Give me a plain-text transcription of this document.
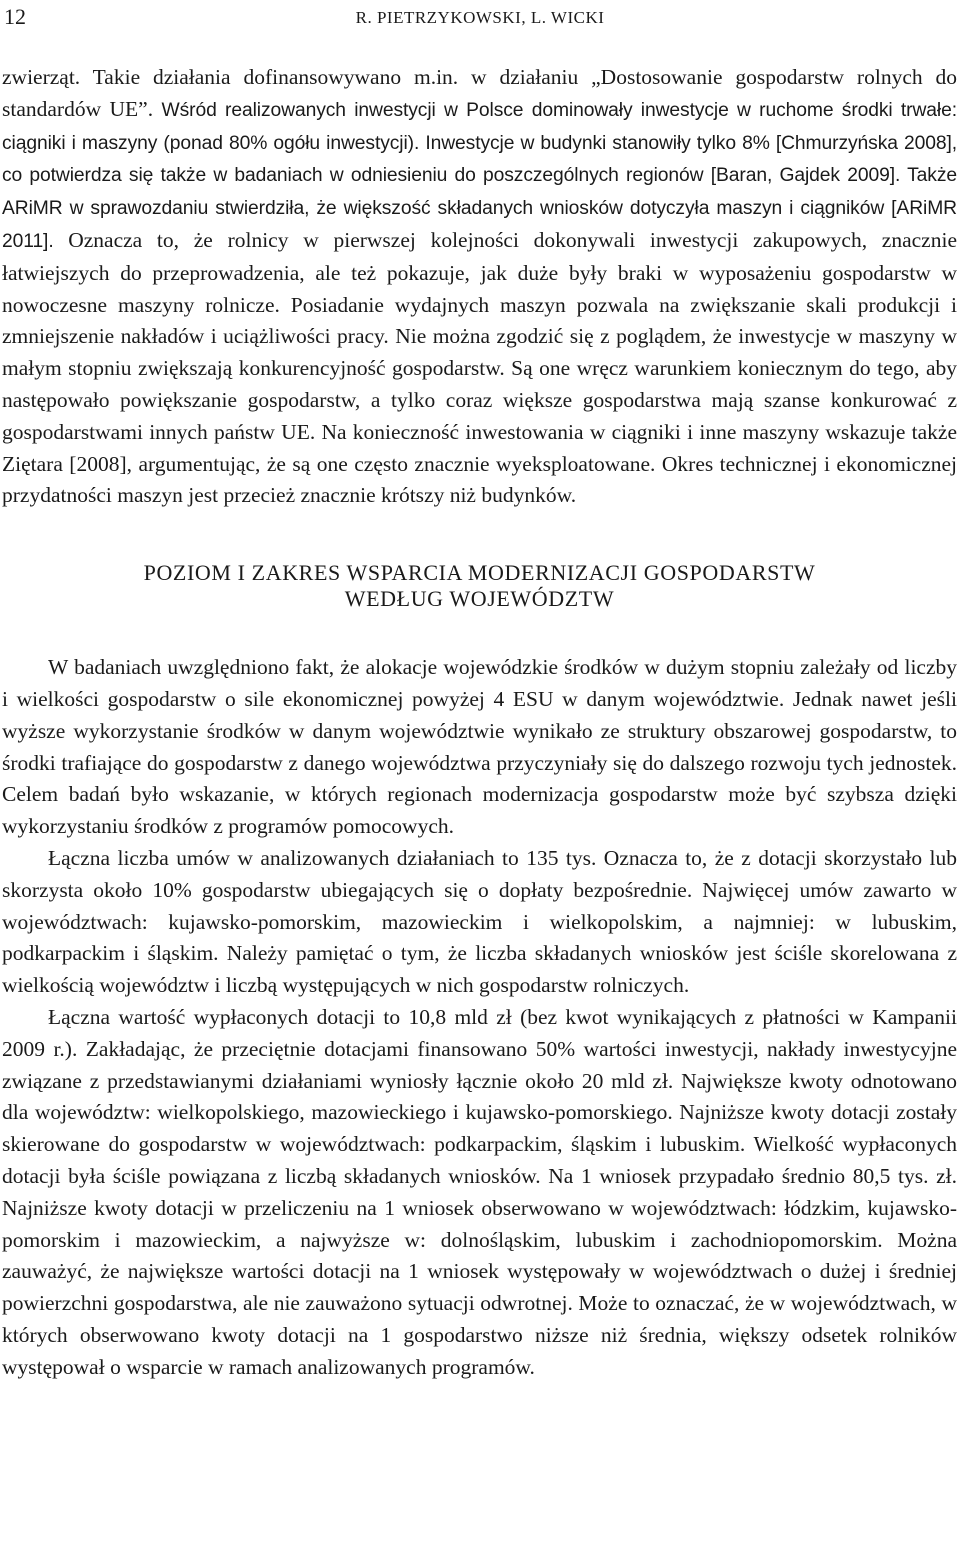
12	R. PIETRZYKOWSKI, L. WICKI

zwierząt. Takie działania dofinansowywano m.in. w działaniu „Dostosowanie gospodarstw rolnych do standardów UE”. Wśród realizowanych inwestycji w Polsce dominowały inwestycje w ruchome środki trwałe: ciągniki i maszyny (ponad 80% ogółu inwestycji). Inwestycje w budynki stanowiły tylko 8% [Chmurzyńska 2008], co potwierdza się także w badaniach w odniesieniu do poszczególnych regionów [Baran, Gajdek 2009]. Także ARiMR w sprawozdaniu stwierdziła, że większość składanych wniosków dotyczyła maszyn i ciągników [ARiMR 2011]. Oznacza to, że rolnicy w pierwszej kolejności dokonywali inwestycji zakupowych, znacznie łatwiejszych do przeprowadzenia, ale też pokazuje, jak duże były braki w wyposażeniu gospodarstw w nowoczesne maszyny rolnicze. Posiadanie wydajnych maszyn pozwala na zwiększanie skali produkcji i zmniejszenie nakładów i uciążliwości pracy. Nie można zgodzić się z poglądem, że inwestycje w maszyny w małym stopniu zwiększają konkurencyjność gospodarstw. Są one wręcz warunkiem koniecznym do tego, aby następowało powiększanie gospodarstw, a tylko coraz większe gospodarstwa mają szanse konkurować z gospodarstwami innych państw UE. Na konieczność inwestowania w ciągniki i inne maszyny wskazuje także Ziętara [2008], argumentując, że są one często znacznie wyeksploatowane. Okres technicznej i ekonomicznej przydatności maszyn jest przecież znacznie krótszy niż budynków.

POZIOM I ZAKRES WSPARCIA MODERNIZACJI GOSPODARSTW
WEDŁUG WOJEWÓDZTW

W badaniach uwzględniono fakt, że alokacje wojewódzkie środków w dużym stopniu zależały od liczby i wielkości gospodarstw o sile ekonomicznej powyżej 4 ESU w danym województwie. Jednak nawet jeśli wyższe wykorzystanie środków w danym województwie wynikało ze struktury obszarowej gospodarstw, to środki trafiające do gospodarstw z danego województwa przyczyniały się do dalszego rozwoju tych jednostek. Celem badań było wskazanie, w których regionach modernizacja gospodarstw może być szybsza dzięki wykorzystaniu środków z programów pomocowych.

Łączna liczba umów w analizowanych działaniach to 135 tys. Oznacza to, że z dotacji skorzystało lub skorzysta około 10% gospodarstw ubiegających się o dopłaty bezpośrednie. Najwięcej umów zawarto w województwach: kujawsko-pomorskim, mazowieckim i wielkopolskim, a najmniej: w lubuskim, podkarpackim i śląskim. Należy pamiętać o tym, że liczba składanych wniosków jest ściśle skorelowana z wielkością województw i liczbą występujących w nich gospodarstw rolniczych.

Łączna wartość wypłaconych dotacji to 10,8 mld zł (bez kwot wynikających z płatności w Kampanii 2009 r.). Zakładając, że przeciętnie dotacjami finansowano 50% wartości inwestycji, nakłady inwestycyjne związane z przedstawianymi działaniami wyniosły łącznie około 20 mld zł. Największe kwoty odnotowano dla województw: wielkopolskiego, mazowieckiego i kujawsko-pomorskiego. Najniższe kwoty dotacji zostały skierowane do gospodarstw w województwach: podkarpackim, śląskim i lubuskim. Wielkość wypłaconych dotacji była ściśle powiązana z liczbą składanych wniosków. Na 1 wniosek przypadało średnio 80,5 tys. zł. Najniższe kwoty dotacji w przeliczeniu na 1 wniosek obserwowano w województwach: łódzkim, kujawsko-pomorskim i mazowieckim, a najwyższe w: dolnośląskim, lubuskim i zachodniopomorskim. Można zauważyć, że największe wartości dotacji na 1 wniosek występowały w województwach o dużej i średniej powierzchni gospodarstwa, ale nie zauważono sytuacji odwrotnej. Może to oznaczać, że w województwach, w których obserwowano kwoty dotacji na 1 gospodarstwo niższe niż średnia, większy odsetek rolników występował o wsparcie w ramach analizowanych programów.
